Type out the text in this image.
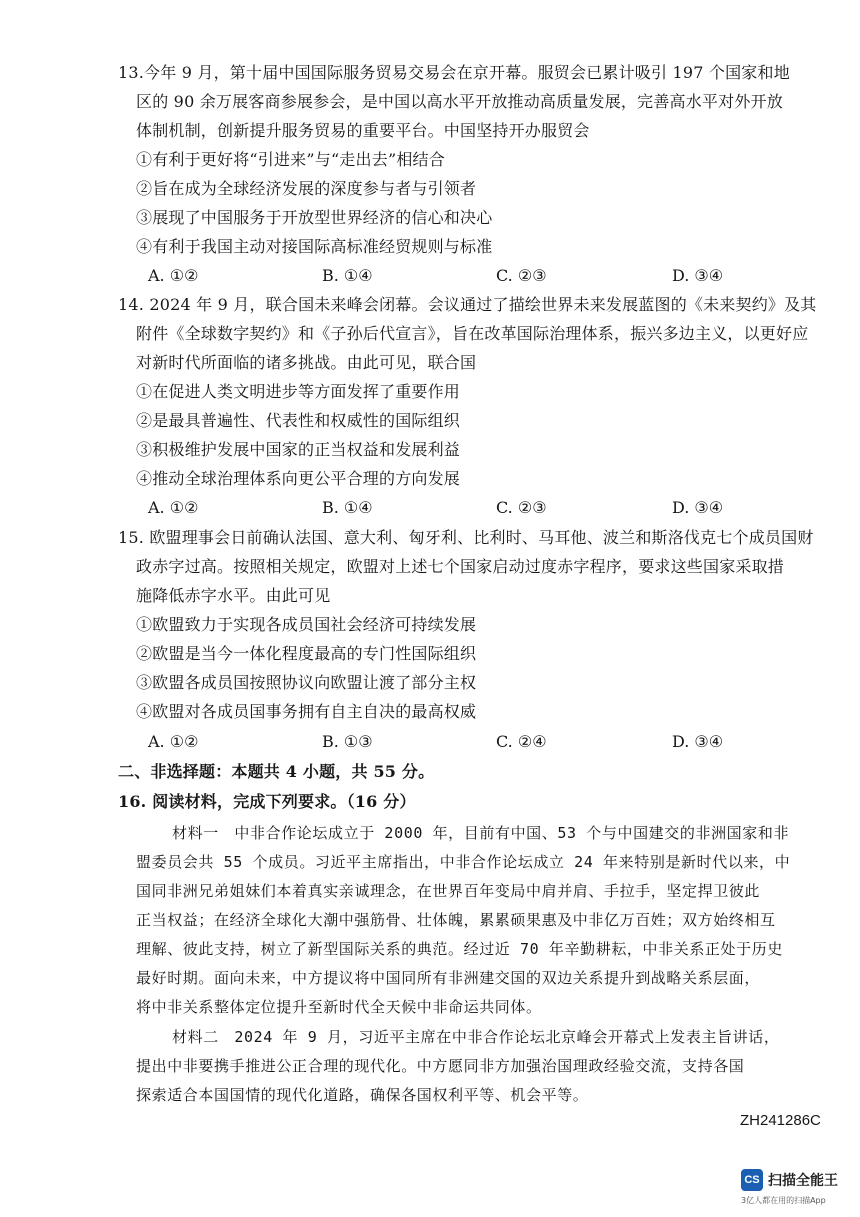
13.今年 9 月，第十届中国国际服务贸易交易会在京开幕。服贸会已累计吸引 197 个国家和地
区的 90 余万展客商参展参会，是中国以高水平开放推动高质量发展，完善高水平对外开放
体制机制，创新提升服务贸易的重要平台。中国坚持开办服贸会
①有利于更好将“引进来”与“走出去”相结合
②旨在成为全球经济发展的深度参与者与引领者
③展现了中国服务于开放型世界经济的信心和决心
④有利于我国主动对接国际高标准经贸规则与标准
A. ①②	B. ①④	C. ②③	D. ③④
14. 2024 年 9 月，联合国未来峰会闭幕。会议通过了描绘世界未来发展蓝图的《未来契约》及其
附件《全球数字契约》和《子孙后代宣言》，旨在改革国际治理体系，振兴多边主义，以更好应
对新时代所面临的诸多挑战。由此可见，联合国
①在促进人类文明进步等方面发挥了重要作用
②是最具普遍性、代表性和权威性的国际组织
③积极维护发展中国家的正当权益和发展利益
④推动全球治理体系向更公平合理的方向发展
A. ①②	B. ①④	C. ②③	D. ③④
15. 欧盟理事会日前确认法国、意大利、匈牙利、比利时、马耳他、波兰和斯洛伐克七个成员国财
政赤字过高。按照相关规定，欧盟对上述七个国家启动过度赤字程序，要求这些国家采取措
施降低赤字水平。由此可见
①欧盟致力于实现各成员国社会经济可持续发展
②欧盟是当今一体化程度最高的专门性国际组织
③欧盟各成员国按照协议向欧盟让渡了部分主权
④欧盟对各成员国事务拥有自主自决的最高权威
A. ①②	B. ①③	C. ②④	D. ③④
二、非选择题：本题共 4 小题，共 55 分。
16. 阅读材料，完成下列要求。（16 分）
材料一　中非合作论坛成立于 2000 年，目前有中国、53 个与中国建交的非洲国家和非
盟委员会共 55 个成员。习近平主席指出，中非合作论坛成立 24 年来特别是新时代以来，中
国同非洲兄弟姐妹们本着真实亲诚理念，在世界百年变局中肩并肩、手拉手，坚定捍卫彼此
正当权益；在经济全球化大潮中强筋骨、壮体魄，累累硕果惠及中非亿万百姓；双方始终相互
理解、彼此支持，树立了新型国际关系的典范。经过近 70 年辛勤耕耘，中非关系正处于历史
最好时期。面向未来，中方提议将中国同所有非洲建交国的双边关系提升到战略关系层面，
将中非关系整体定位提升至新时代全天候中非命运共同体。
材料二　2024 年 9 月，习近平主席在中非合作论坛北京峰会开幕式上发表主旨讲话，
提出中非要携手推进公正合理的现代化。中方愿同非方加强治国理政经验交流，支持各国
探索适合本国国情的现代化道路，确保各国权利平等、机会平等。
ZH241286C
CS 扫描全能王
3亿人都在用的扫描App
